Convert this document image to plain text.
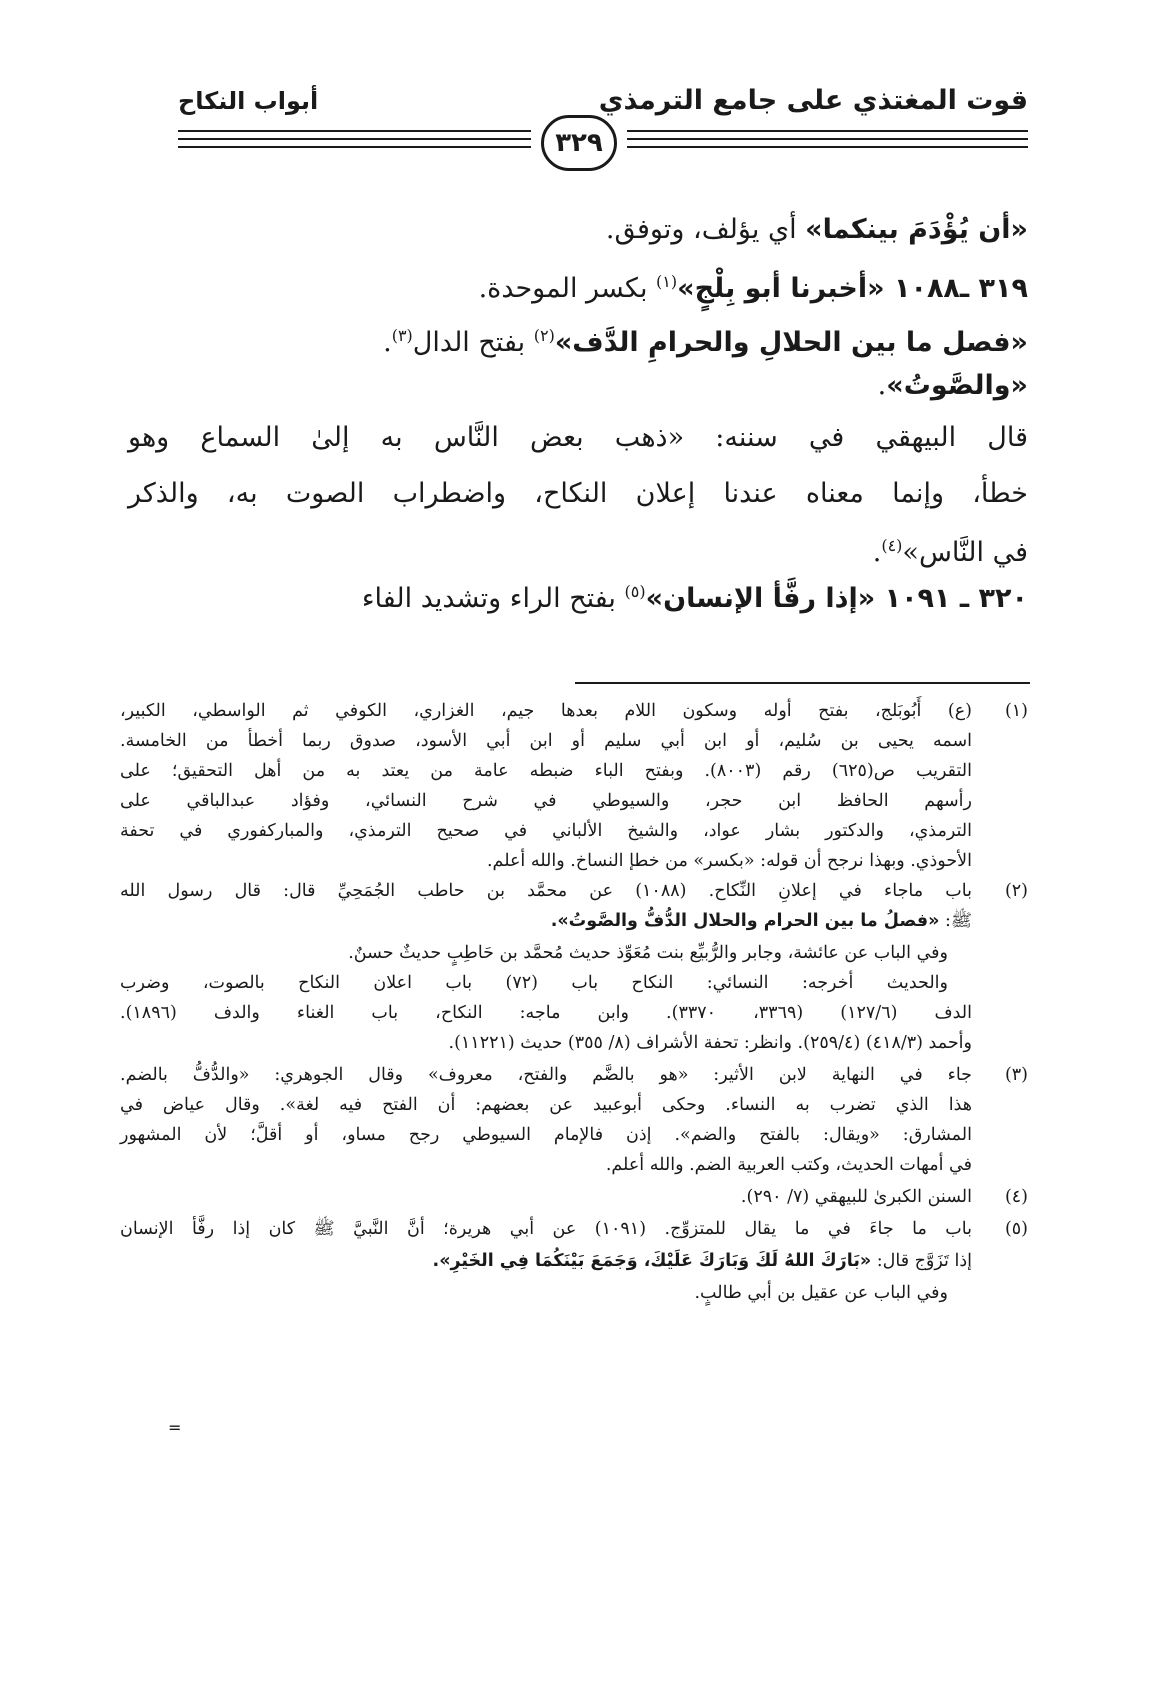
قوت المغتذي على جامع الترمذي
أبواب النكاح
٣٢٩
«أن يُؤْدَمَ بينكما» أي يؤلف، وتوفق.
٣١٩ ـ١٠٨٨ «أخبرنا أبو بِلْجٍ»$^{(١)}$ بكسر الموحدة.
«فصل ما بين الحلالِ والحرامِ الدَّف»$^{(٢)}$ بفتح الدال$^{(٣)}$.
«والصَّوتُ».
قال البيهقي في سننه: «ذهب بعض النَّاس به إلىٰ السماع وهو
خطأ، وإنما معناه عندنا إعلان النكاح، واضطراب الصوت به، والذكر
في النَّاس»$^{(٤)}$.
٣٢٠ ـ ١٠٩١ «إذا رفَّأ الإنسان»$^{(٥)}$ بفتح الراء وتشديد الفاء
(١)
(ع) أَبُوبَلج، بفتح أوله وسكون اللام بعدها جيم، الغزاري، الكوفي ثم الواسطي، الكبير،
اسمه يحيى بن سُليم، أو ابن أبي سليم أو ابن أبي الأسود، صدوق ربما أخطأ من الخامسة.
التقريب ص(٦٢٥) رقم (٨٠٠٣). وبفتح الباء ضبطه عامة من يعتد به من أهل التحقيق؛ على
رأسهم الحافظ ابن حجر، والسيوطي في شرح النسائي، وفؤاد عبدالباقي على
الترمذي، والدكتور بشار عواد، والشيخ الألباني في صحيح الترمذي، والمباركفوري في تحفة
الأحوذي. وبهذا نرجح أن قوله: «بكسر» من خطإ النساخ. والله أعلم.
(٢)
باب ماجاء في إعلانِ النِّكاح. (١٠٨٨) عن محمَّد بن حاطب الجُمَحِيِّ قال: قال رسول الله
ﷺ: «فصلُ ما بين الحرام والحلال الدُّفُّ والصَّوتُ».
وفي الباب عن عائشة، وجابر والرُّبيِّع بنت مُعَوِّذ حديث مُحمَّد بن حَاطِبٍ حديثٌ حسنٌ.
والحديث أخرجه: النسائي: النكاح باب (٧٢) باب اعلان النكاح بالصوت، وضرب
الدف (١٢٧/٦) (٣٣٦٩، ٣٣٧٠). وابن ماجه: النكاح، باب الغناء والدف (١٨٩٦).
وأحمد (٤١٨/٣) (٢٥٩/٤). وانظر: تحفة الأشراف (٨/ ٣٥٥) حديث (١١٢٢١).
(٣)
جاء في النهاية لابن الأثير: «هو بالضَّم والفتح، معروف» وقال الجوهري: «والدُّفُّ بالضم.
هذا الذي تضرب به النساء. وحكى أبوعبيد عن بعضهم: أن الفتح فيه لغة». وقال عياض في
المشارق: «ويقال: بالفتح والضم». إذن فالإمام السيوطي رجح مساو، أو أقلَّ؛ لأن المشهور
في أمهات الحديث، وكتب العربية الضم. والله أعلم.
(٤)
السنن الكبرىٰ للبيهقي (٧/ ٢٩٠).
(٥)
باب ما جاءَ في ما يقال للمتزوِّج. (١٠٩١) عن أبي هريرة؛ أنَّ النَّبيَّ ﷺ كان إذا رفَّأ الإنسان
إذا تَزَوَّج قال: «بَارَكَ اللهُ لَكَ وَبَارَكَ عَلَيْكَ، وَجَمَعَ بَيْنَكُمَا فِي الخَيْرِ».
وفي الباب عن عقيل بن أبي طالبٍ.
=
